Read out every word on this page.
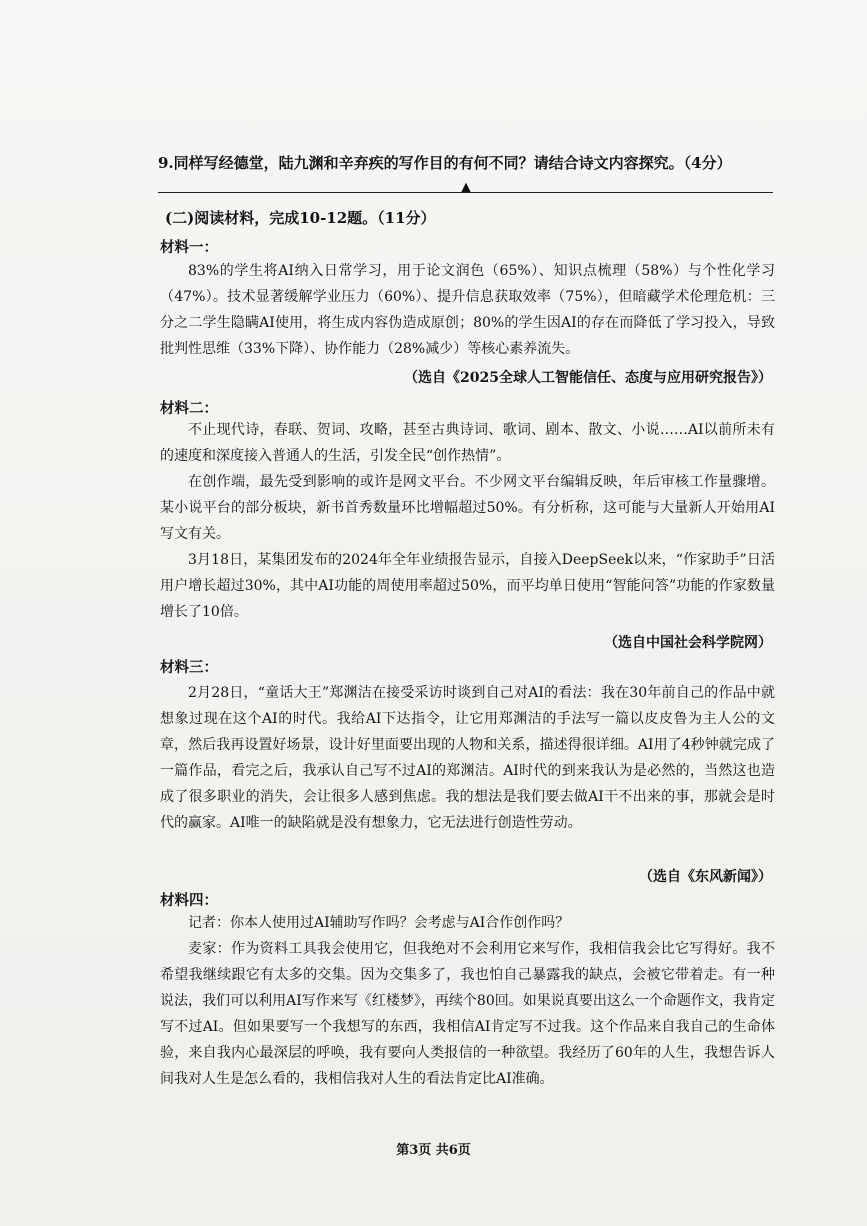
9.同样写经德堂，陆九渊和辛弃疾的写作目的有何不同？请结合诗文内容探究。（4分）
▲
(二)阅读材料，完成10-12题。（11分）
材料一：
83%的学生将AI纳入日常学习，用于论文润色（65%）、知识点梳理（58%）与个性化学习（47%）。技术显著缓解学业压力（60%）、提升信息获取效率（75%），但暗藏学术伦理危机：三分之二学生隐瞒AI使用，将生成内容伪造成原创；80%的学生因AI的存在而降低了学习投入，导致批判性思维（33%下降）、协作能力（28%减少）等核心素养流失。
（选自《2025全球人工智能信任、态度与应用研究报告》）
材料二：
不止现代诗，春联、贺词、攻略，甚至古典诗词、歌词、剧本、散文、小说……AI以前所未有的速度和深度接入普通人的生活，引发全民“创作热情”。
在创作端，最先受到影响的或许是网文平台。不少网文平台编辑反映，年后审核工作量骤增。某小说平台的部分板块，新书首秀数量环比增幅超过50%。有分析称，这可能与大量新人开始用AI写文有关。
3月18日，某集团发布的2024年全年业绩报告显示，自接入DeepSeek以来，“作家助手”日活用户增长超过30%，其中AI功能的周使用率超过50%，而平均单日使用“智能问答”功能的作家数量增长了10倍。
（选自中国社会科学院网）
材料三：
2月28日，“童话大王”郑渊洁在接受采访时谈到自己对AI的看法：我在30年前自己的作品中就想象过现在这个AI的时代。我给AI下达指令，让它用郑渊洁的手法写一篇以皮皮鲁为主人公的文章，然后我再设置好场景，设计好里面要出现的人物和关系，描述得很详细。AI用了4秒钟就完成了一篇作品，看完之后，我承认自己写不过AI的郑渊洁。AI时代的到来我认为是必然的，当然这也造成了很多职业的消失，会让很多人感到焦虑。我的想法是我们要去做AI干不出来的事，那就会是时代的赢家。AI唯一的缺陷就是没有想象力，它无法进行创造性劳动。
（选自《东风新闻》）
材料四：
记者：你本人使用过AI辅助写作吗？会考虑与AI合作创作吗？
麦家：作为资料工具我会使用它，但我绝对不会利用它来写作，我相信我会比它写得好。我不希望我继续跟它有太多的交集。因为交集多了，我也怕自己暴露我的缺点，会被它带着走。有一种说法，我们可以利用AI写作来写《红楼梦》，再续个80回。如果说真要出这么一个命题作文，我肯定写不过AI。但如果要写一个我想写的东西，我相信AI肯定写不过我。这个作品来自我自己的生命体验，来自我内心最深层的呼唤，我有要向人类报信的一种欲望。我经历了60年的人生，我想告诉人间我对人生是怎么看的，我相信我对人生的看法肯定比AI准确。
第3页 共6页
